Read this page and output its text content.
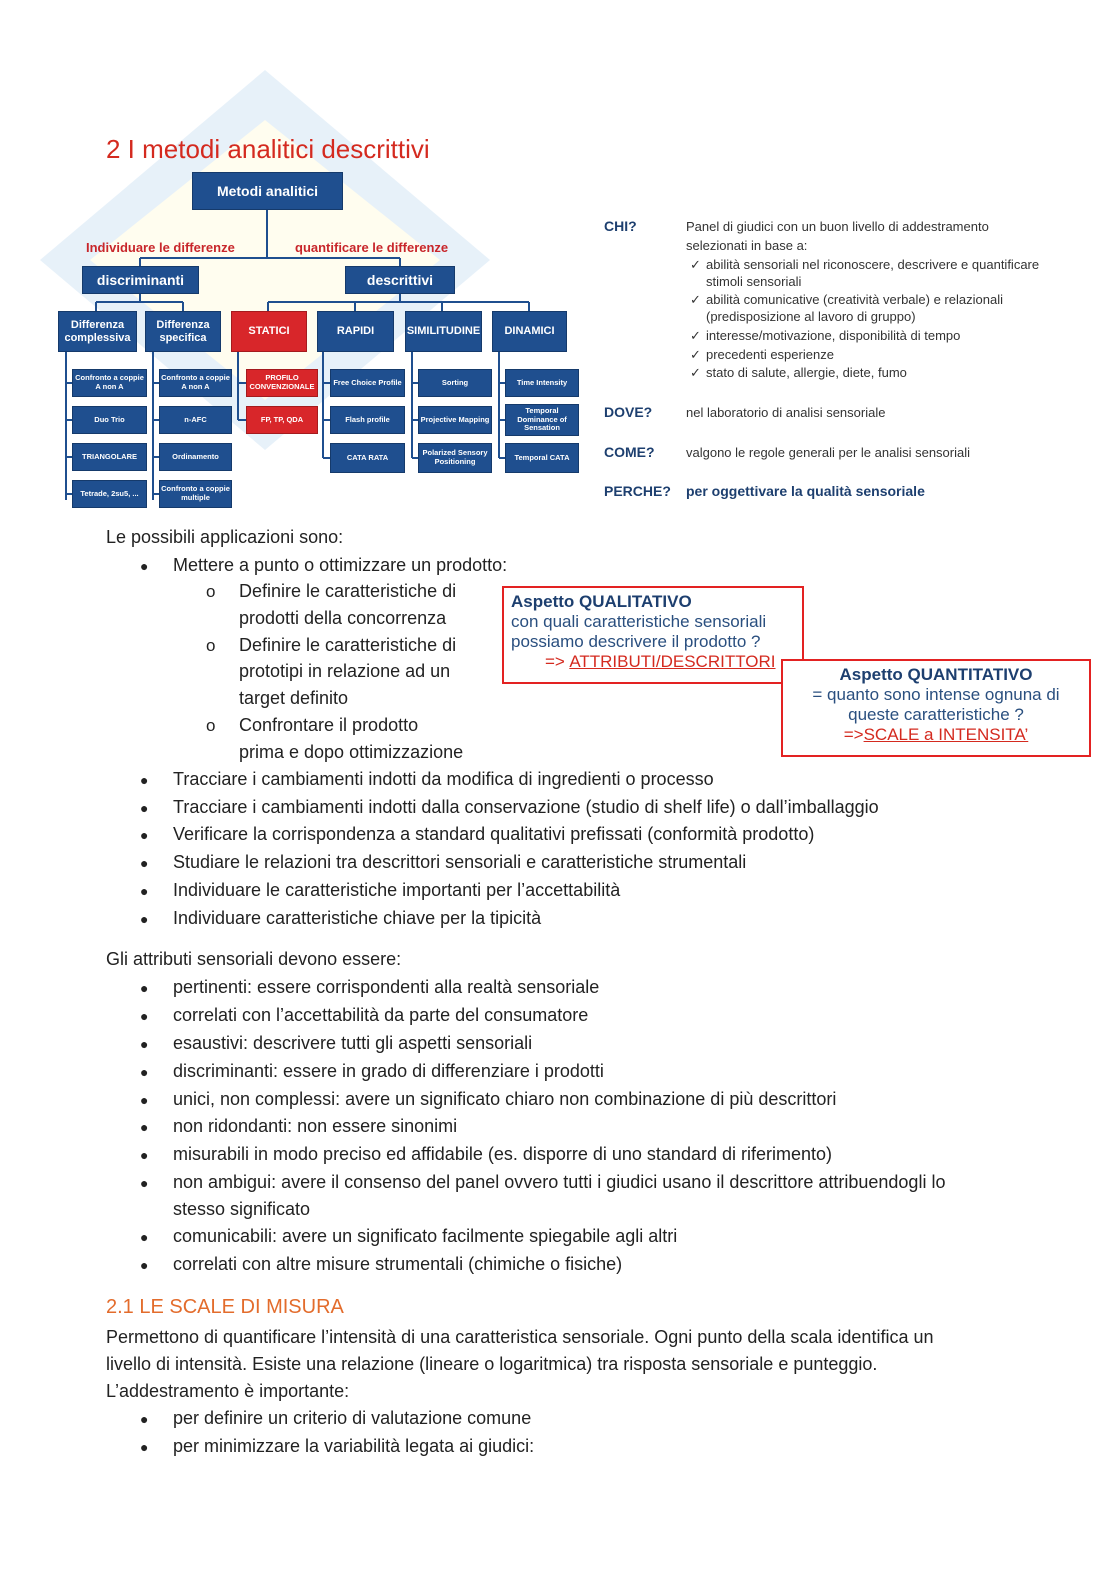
2 I metodi analitici descrittivi
Metodi analitici
Individuare le differenze	quantificare le differenze
discriminanti	descrittivi
Differenza complessiva
Differenza specifica
STATICI	RAPIDI	SIMILITUDINE	DINAMICI
Confronto a coppie A non A
Duo Trio
TRIANGOLARE
Tetrade, 2su5, ...
Confronto a coppie A non A
n-AFC
Ordinamento
Confronto a coppie multiple
PROFILO CONVENZIONALE
FP, TP, QDA
Free Choice Profile
Flash profile
CATA RATA
Sorting
Projective Mapping
Polarized Sensory Positioning
Time Intensity
Temporal Dominance of Sensation
Temporal CATA
CHI?	Panel di giudici con un buon livello di addestramento
selezionati in base a:
✓ abilità sensoriali nel riconoscere, descrivere e quantificare
stimoli sensoriali
✓ abilità comunicative (creatività verbale) e relazionali
(predisposizione al lavoro di gruppo)
✓ interesse/motivazione, disponibilità di tempo
✓ precedenti esperienze
✓ stato di salute, allergie, diete, fumo
DOVE?	nel laboratorio di analisi sensoriale
COME? valgono le regole generali per le analisi sensoriali
PERCHE? per oggettivare la qualità sensoriale
Le possibili applicazioni sono:
● Mettere a punto o ottimizzare un prodotto:
o Definire le caratteristiche di
prodotti della concorrenza
o Definire le caratteristiche di
prototipi in relazione ad un
target definito
o Confrontare il prodotto
prima e dopo ottimizzazione
● Tracciare i cambiamenti indotti da modifica di ingredienti o processo
● Tracciare i cambiamenti indotti dalla conservazione (studio di shelf life) o dall’imballaggio
● Verificare la corrispondenza a standard qualitativi prefissati (conformità prodotto)
● Studiare le relazioni tra descrittori sensoriali e caratteristiche strumentali
● Individuare le caratteristiche importanti per l’accettabilità
● Individuare caratteristiche chiave per la tipicità
Aspetto QUALITATIVO
con quali caratteristiche sensoriali
possiamo descrivere il prodotto ?
=> ATTRIBUTI/DESCRITTORI
Aspetto QUANTITATIVO
= quanto sono intense ognuna di
queste caratteristiche ?
=>SCALE a INTENSITA’
Gli attributi sensoriali devono essere:
● pertinenti: essere corrispondenti alla realtà sensoriale
● correlati con l’accettabilità da parte del consumatore
● esaustivi: descrivere tutti gli aspetti sensoriali
● discriminanti: essere in grado di differenziare i prodotti
● unici, non complessi: avere un significato chiaro non combinazione di più descrittori
● non ridondanti: non essere sinonimi
● misurabili in modo preciso ed affidabile (es. disporre di uno standard di riferimento)
● non ambigui: avere il consenso del panel ovvero tutti i giudici usano il descrittore attribuendogli lo
stesso significato
● comunicabili: avere un significato facilmente spiegabile agli altri
● correlati con altre misure strumentali (chimiche o fisiche)
2.1 LE SCALE DI MISURA
Permettono di quantificare l’intensità di una caratteristica sensoriale. Ogni punto della scala identifica un
livello di intensità. Esiste una relazione (lineare o logaritmica) tra risposta sensoriale e punteggio.
L’addestramento è importante:
● per definire un criterio di valutazione comune
● per minimizzare la variabilità legata ai giudici:
